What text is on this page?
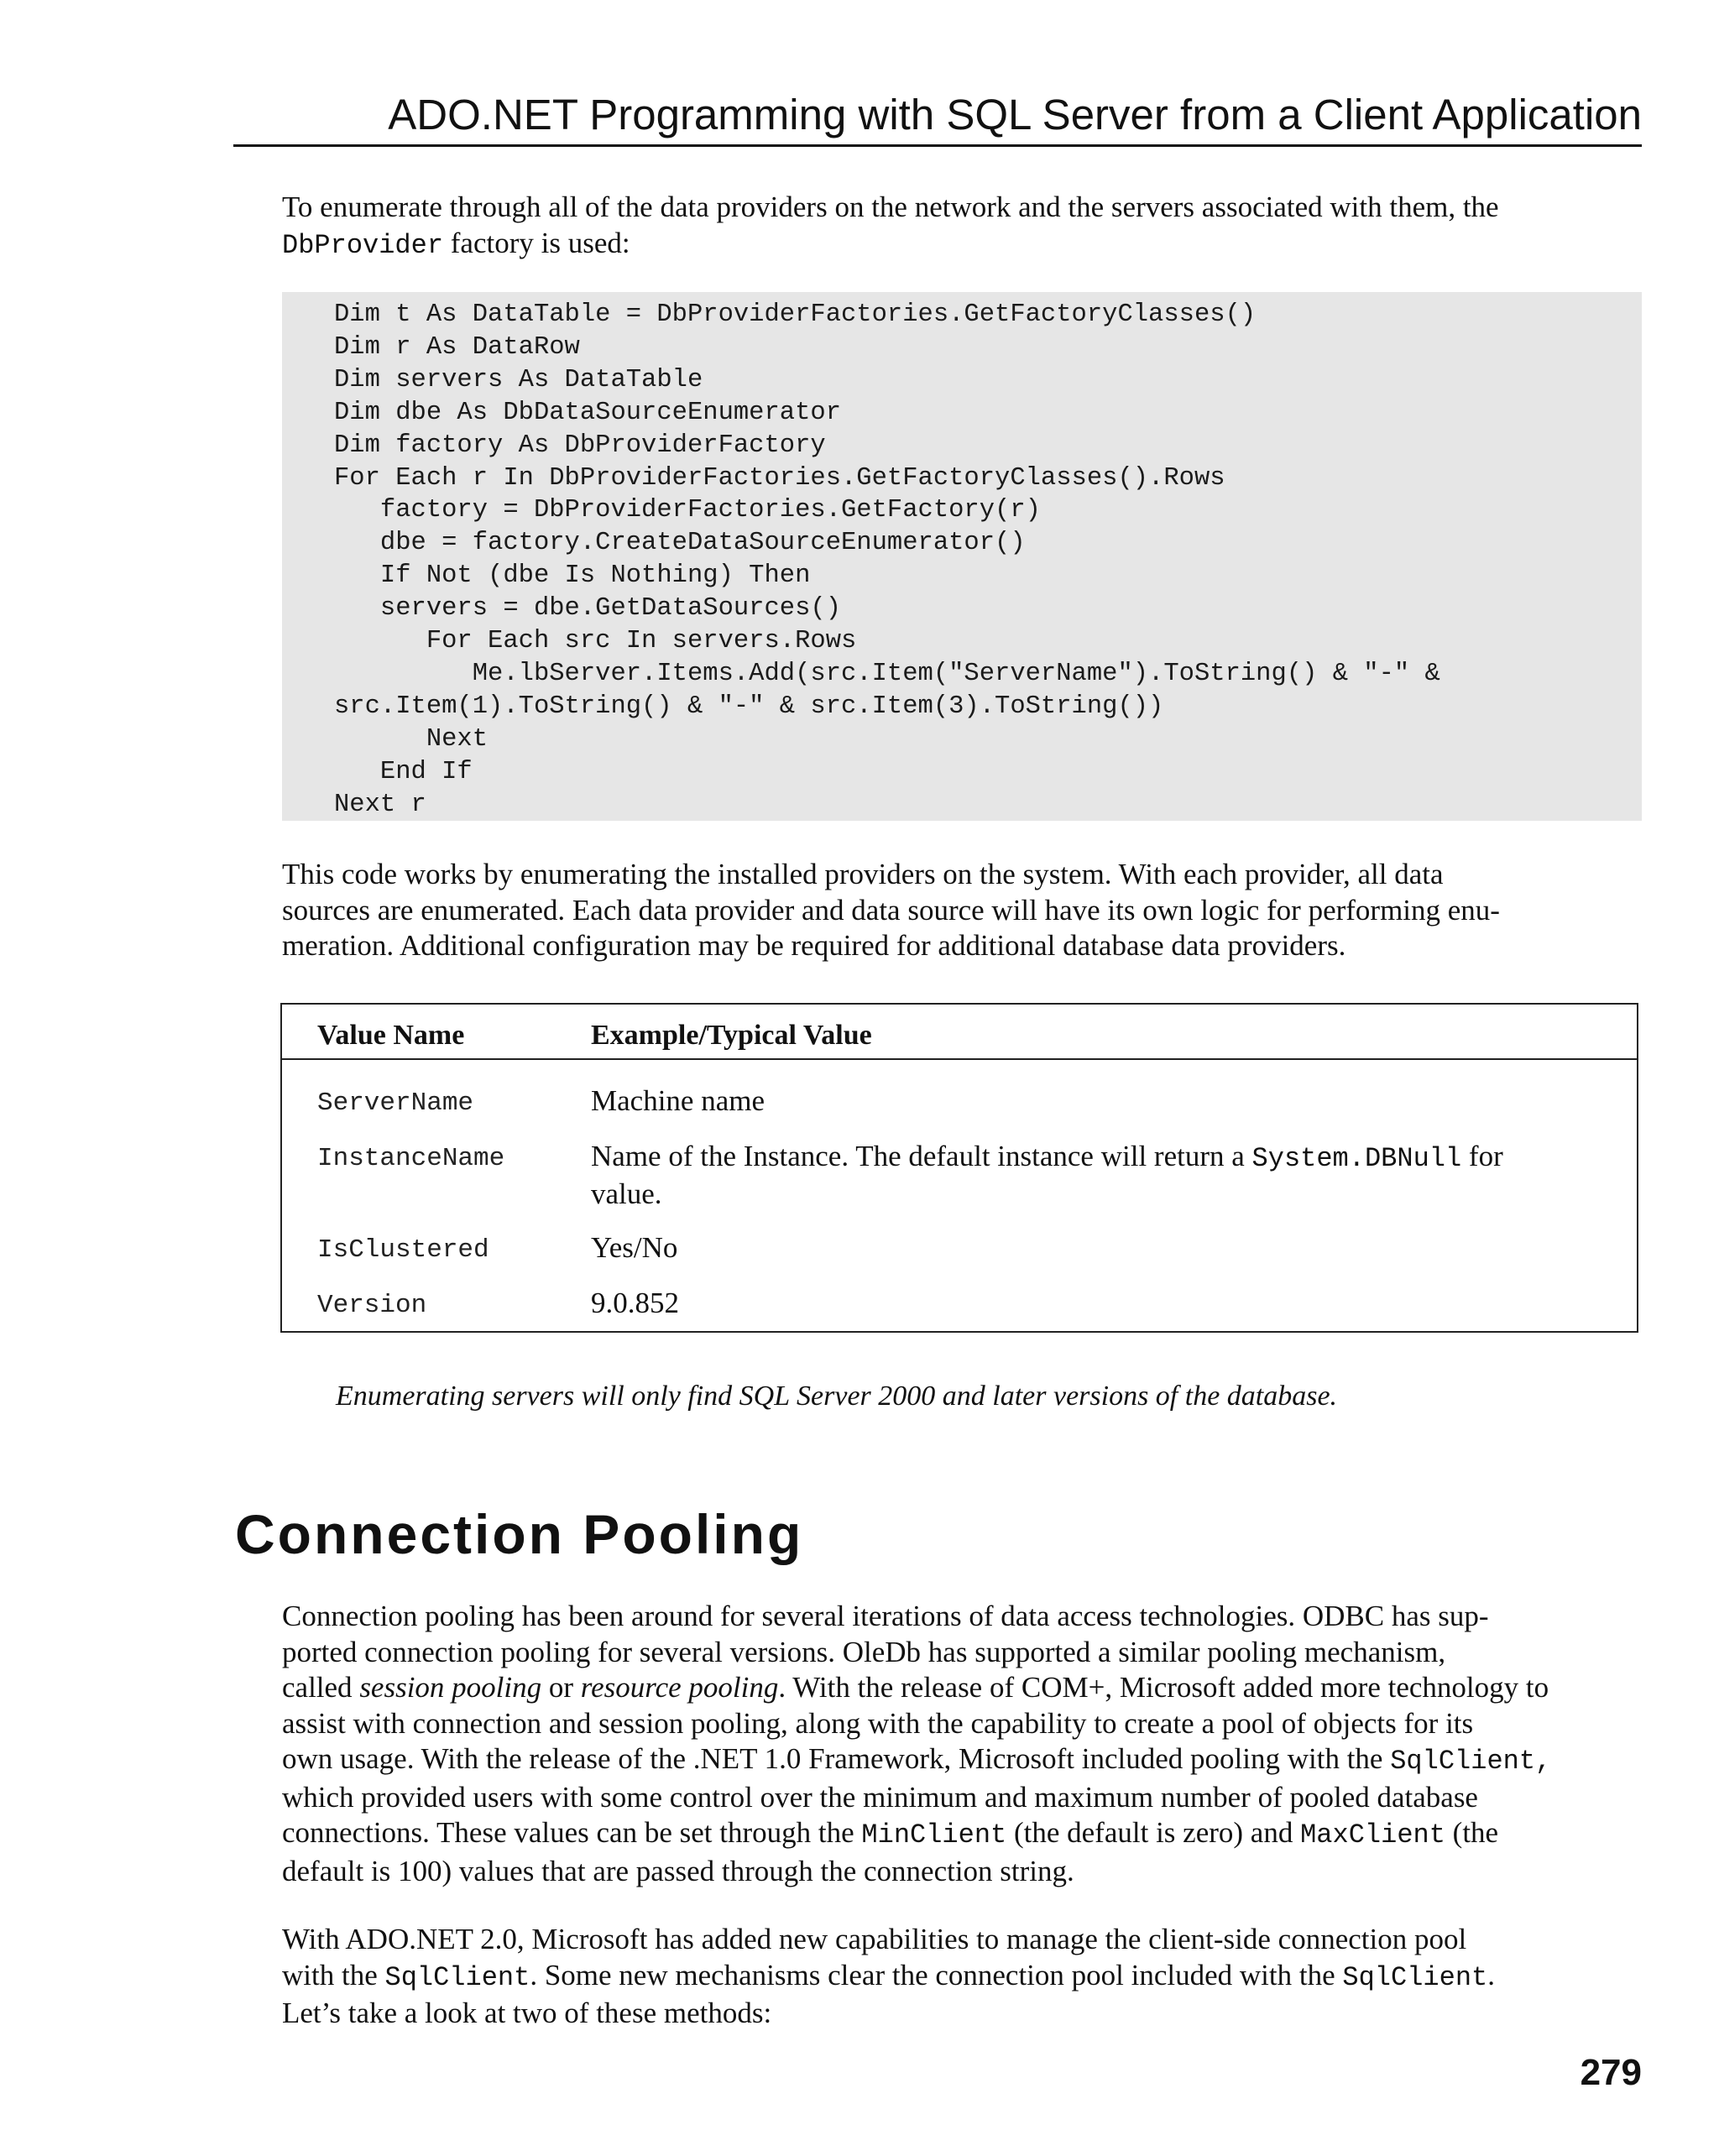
ADO.NET Programming with SQL Server from a Client Application

To enumerate through all of the data providers on the network and the servers associated with them, the DbProvider factory is used:

Dim t As DataTable = DbProviderFactories.GetFactoryClasses()
Dim r As DataRow
Dim servers As DataTable
Dim dbe As DbDataSourceEnumerator
Dim factory As DbProviderFactory
For Each r In DbProviderFactories.GetFactoryClasses().Rows
factory = DbProviderFactories.GetFactory(r)
dbe = factory.CreateDataSourceEnumerator()
If Not (dbe Is Nothing) Then
servers = dbe.GetDataSources()
For Each src In servers.Rows
Me.lbServer.Items.Add(src.Item("ServerName").ToString() & "-" &
src.Item(1).ToString() & "-" & src.Item(3).ToString())
Next
End If
Next r

This code works by enumerating the installed providers on the system. With each provider, all data
sources are enumerated. Each data provider and data source will have its own logic for performing enu-
meration. Additional configuration may be required for additional database data providers.

Value Name	Example/Typical Value
ServerName	Machine name
InstanceName	Name of the Instance. The default instance will return a System.DBNull for
value.
IsClustered	Yes/No
Version	9.0.852
Enumerating servers will only find SQL Server 2000 and later versions of the database.
Connection Pooling

Connection pooling has been around for several iterations of data access technologies. ODBC has sup-
ported connection pooling for several versions. OleDb has supported a similar pooling mechanism,
called session pooling or resource pooling. With the release of COM+, Microsoft added more technology to
assist with connection and session pooling, along with the capability to create a pool of objects for its
own usage. With the release of the .NET 1.0 Framework, Microsoft included pooling with the SqlClient,
which provided users with some control over the minimum and maximum number of pooled database
connections. These values can be set through the MinClient (the default is zero) and MaxClient (the
default is 100) values that are passed through the connection string.

With ADO.NET 2.0, Microsoft has added new capabilities to manage the client-side connection pool
with the SqlClient. Some new mechanisms clear the connection pool included with the SqlClient.
Let’s take a look at two of these methods:

279
